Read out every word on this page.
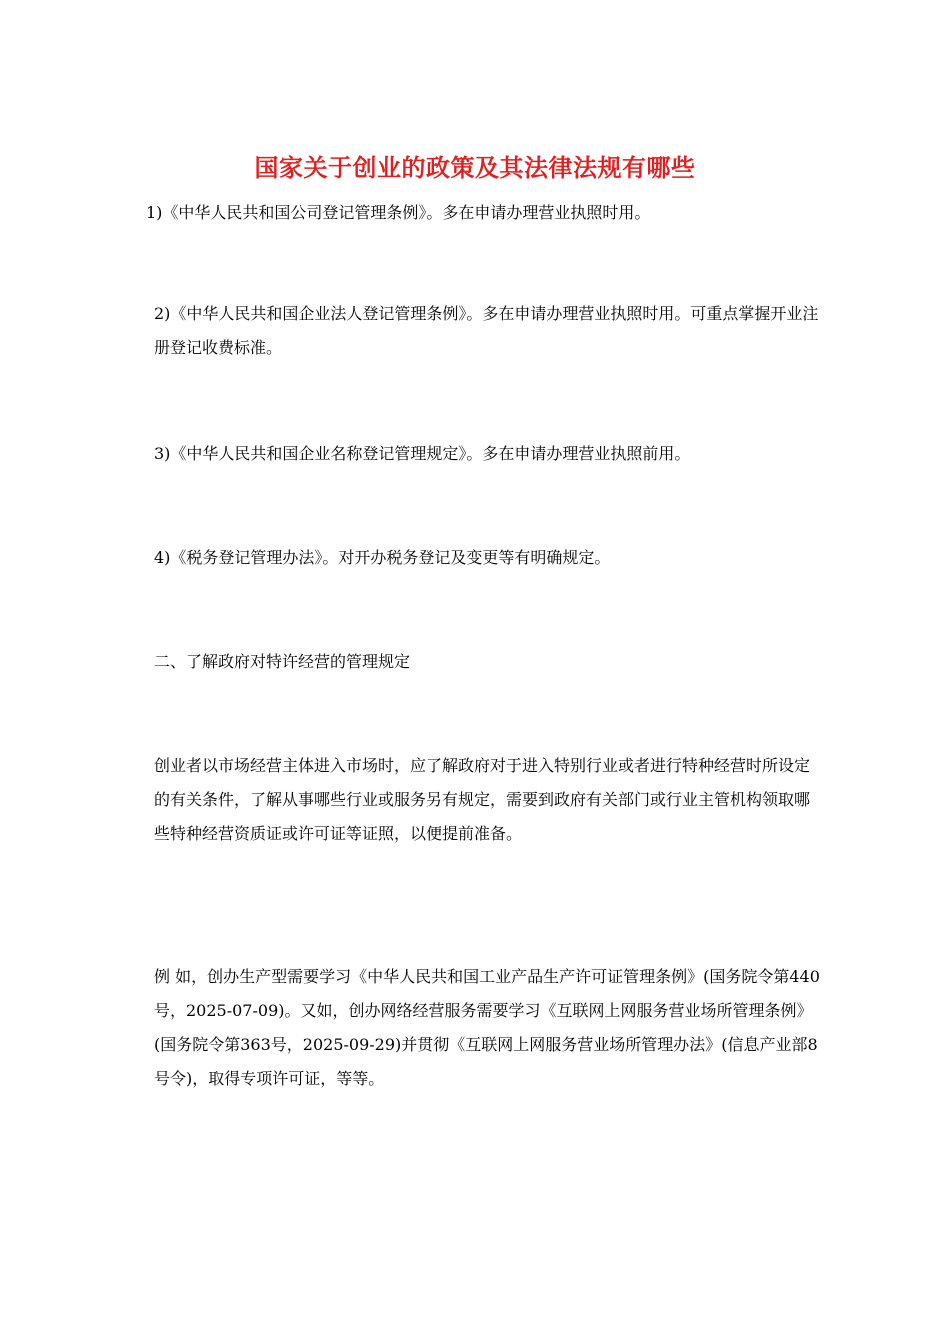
国家关于创业的政策及其法律法规有哪些

1)《中华人民共和国公司登记管理条例》。多在申请办理营业执照时用。

2)《中华人民共和国企业法人登记管理条例》。多在申请办理营业执照时用。可重点掌握开业注册登记收费标准。

3)《中华人民共和国企业名称登记管理规定》。多在申请办理营业执照前用。

4)《税务登记管理办法》。对开办税务登记及变更等有明确规定。

二、了解政府对特许经营的管理规定

创业者以市场经营主体进入市场时，应了解政府对于进入特别行业或者进行特种经营时所设定的有关条件，了解从事哪些行业或服务另有规定，需要到政府有关部门或行业主管机构领取哪些特种经营资质证或许可证等证照，以便提前准备。

例 如，创办生产型需要学习《中华人民共和国工业产品生产许可证管理条例》(国务院令第440号，2025-07-09)。又如，创办网络经营服务需要学习《互联网上网服务营业场所管理条例》(国务院令第363号，2025-09-29)并贯彻《互联网上网服务营业场所管理办法》(信息产业部8号令)，取得专项许可证，等等。
